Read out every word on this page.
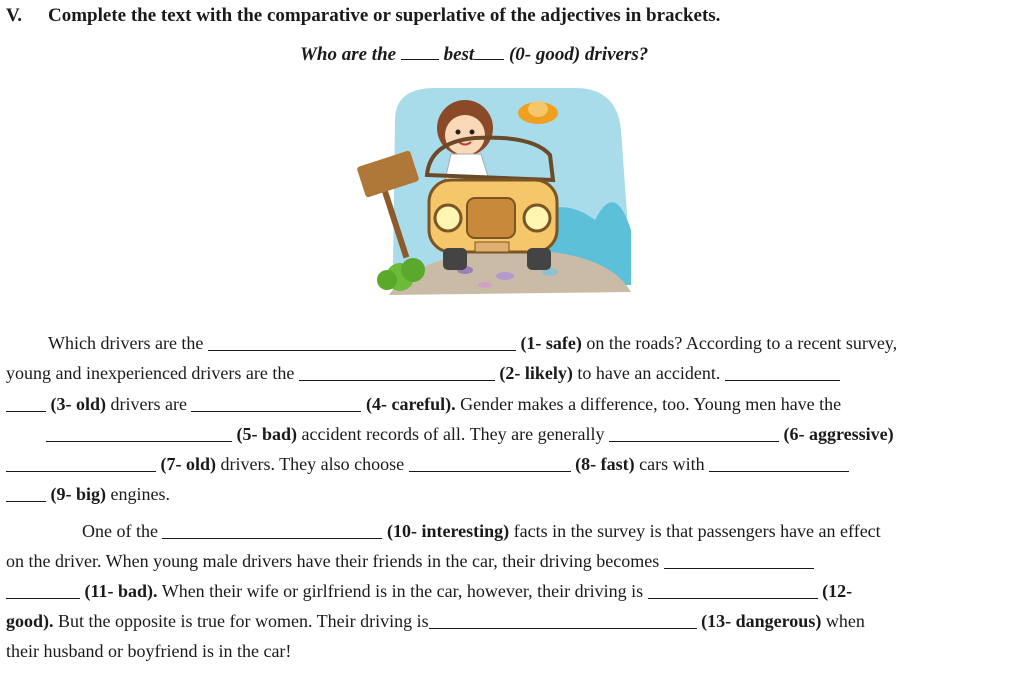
V. Complete the text with the comparative or superlative of the adjectives in brackets.
Who are the	best (0- good) drivers?
Which drivers are the	(1- safe) on the roads? According to a recent survey,
young and inexperienced drivers are the	(2- likely) to have an accident.
(3- old) drivers are	(4- careful). Gender makes a difference, too. Young men have the
(5- bad) accident records of all. They are generally	(6- aggressive)
(7- old) drivers. They also choose	(8- fast) cars with
(9- big) engines.
One of the	(10- interesting) facts in the survey is that passengers have an effect
on the driver. When young male drivers have their friends in the car, their driving becomes
(11- bad). When their wife or girlfriend is in the car, however, their driving is	(12-
good). But the opposite is true for women. Their driving is	(13- dangerous) when
their husband or boyfriend is in the car!
